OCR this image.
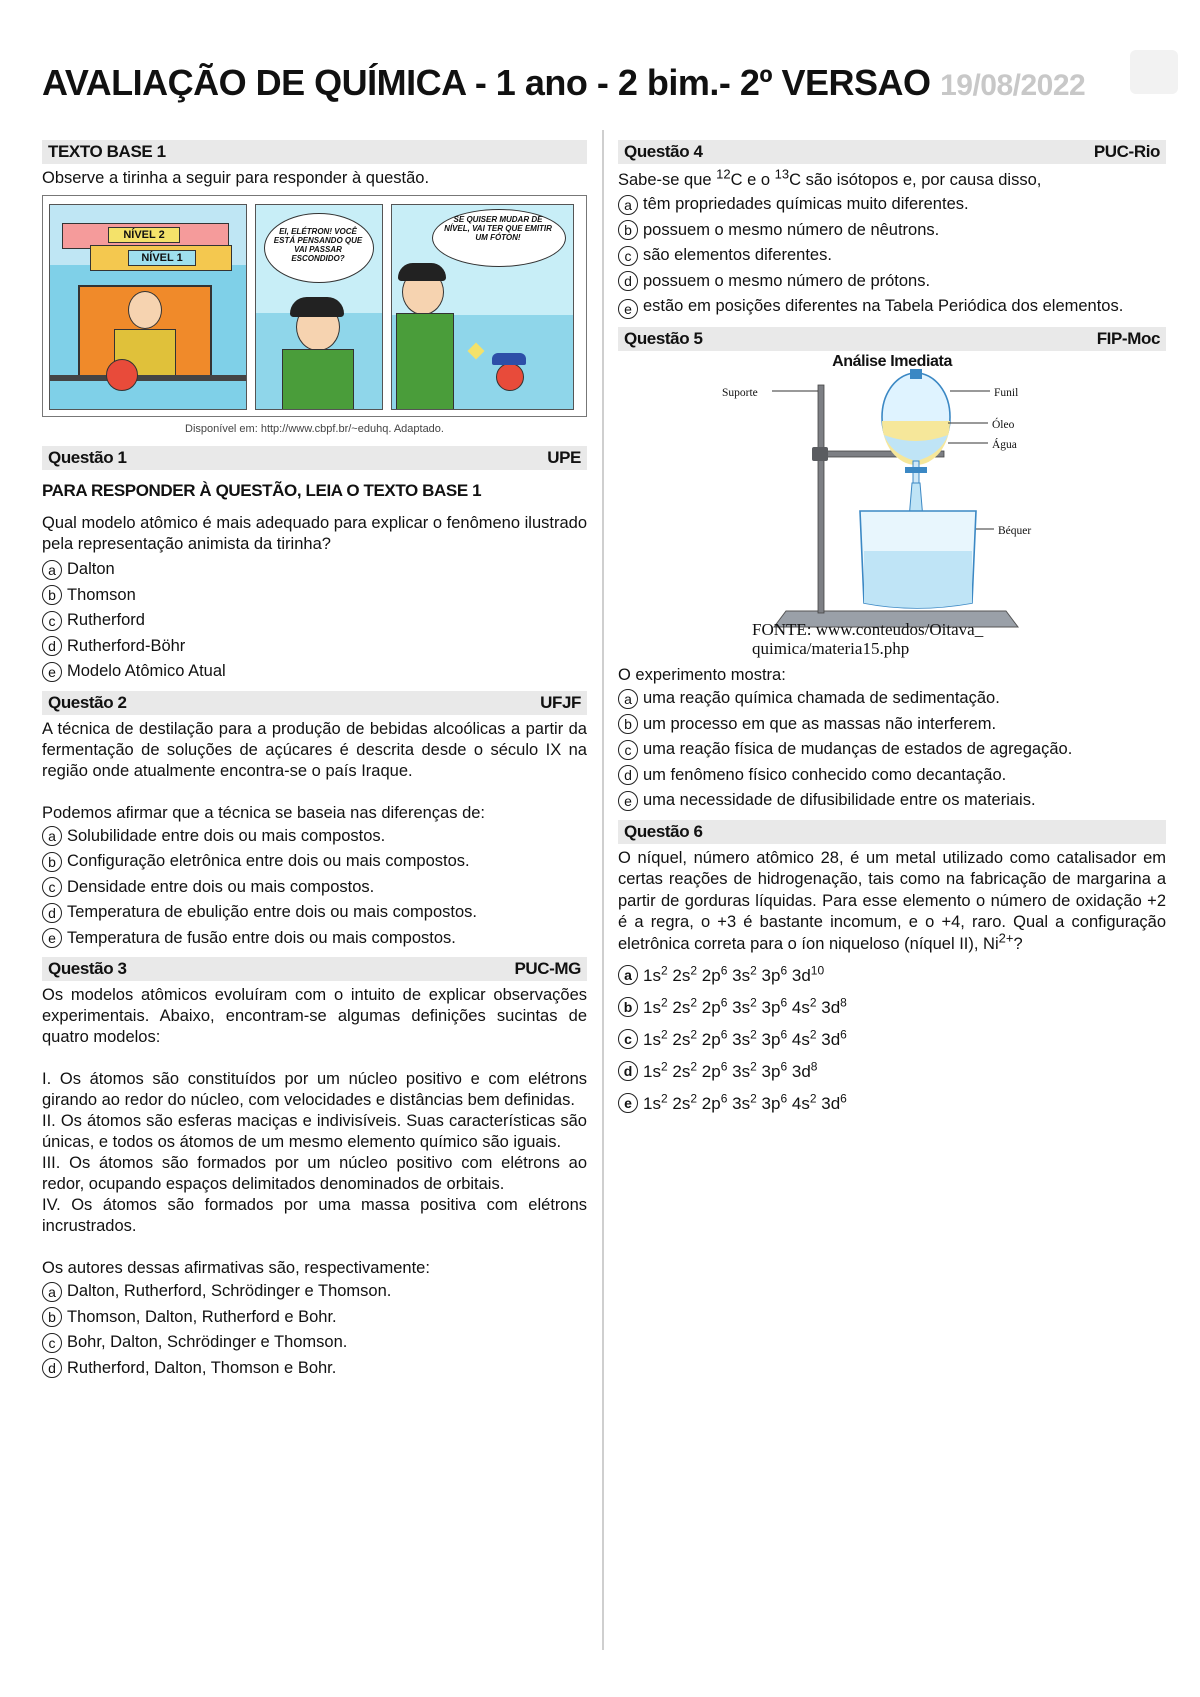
AVALIAÇÃO DE QUÍMICA - 1 ano - 2 bim.- 2º VERSAO 19/08/2022
TEXTO BASE 1

Observe a tirinha a seguir para responder à questão.

NÍVEL 2
NÍVEL 1
EI, ELÉTRON! VOCÊ ESTÁ PENSANDO QUE VAI PASSAR ESCONDIDO?
SE QUISER MUDAR DE NÍVEL, VAI TER QUE EMITIR UM FÓTON!

Disponível em: http://www.cbpf.br/~eduhq. Adaptado.

Questão 1	UPE

PARA RESPONDER À QUESTÃO, LEIA O TEXTO BASE 1

Qual modelo atômico é mais adequado para explicar o fenômeno ilustrado pela representação animista da tirinha?

a Dalton
b Thomson
c Rutherford
d Rutherford-Böhr
e Modelo Atômico Atual
Questão 2	UFJF

A técnica de destilação para a produção de bebidas alcoólicas a partir da fermentação de soluções de açúcares é descrita desde o século IX na região onde atualmente encontra-se o país Iraque.

Podemos afirmar que a técnica se baseia nas diferenças de:

a Solubilidade entre dois ou mais compostos.
b Configuração eletrônica entre dois ou mais compostos.
c Densidade entre dois ou mais compostos.
d Temperatura de ebulição entre dois ou mais compostos.
e Temperatura de fusão entre dois ou mais compostos.
Questão 3	PUC-MG

Os modelos atômicos evoluíram com o intuito de explicar observações experimentais. Abaixo, encontram-se algumas definições sucintas de quatro modelos:

I. Os átomos são constituídos por um núcleo positivo e com elétrons girando ao redor do núcleo, com velocidades e distâncias bem definidas.

II. Os átomos são esferas maciças e indivisíveis. Suas características são únicas, e todos os átomos de um mesmo elemento químico são iguais.

III. Os átomos são formados por um núcleo positivo com elétrons ao redor, ocupando espaços delimitados denominados de orbitais.

IV. Os átomos são formados por uma massa positiva com elétrons incrustrados.

Os autores dessas afirmativas são, respectivamente:

a Dalton, Rutherford, Schrödinger e Thomson.
b Thomson, Dalton, Rutherford e Bohr.
c Bohr, Dalton, Schrödinger e Thomson.
d Rutherford, Dalton, Thomson e Bohr.
Questão 4	PUC-Rio

Sabe-se que $^{12}$C e o $^{13}$C são isótopos e, por causa disso,

a têm propriedades químicas muito diferentes.
b possuem o mesmo número de nêutrons.
c são elementos diferentes.
d possuem o mesmo número de prótons.
e estão em posições diferentes na Tabela Periódica dos elementos.
Questão 5	FIP-Moc
Análise Imediata
Suporte	Funil
Óleo
Água
Béquer
FONTE: www.conteudos/Oitava_
quimica/materia15.php

O experimento mostra:

a uma reação química chamada de sedimentação.
b um processo em que as massas não interferem.
c uma reação física de mudanças de estados de agregação.
d um fenômeno físico conhecido como decantação.
e uma necessidade de difusibilidade entre os materiais.
Questão 6

O níquel, número atômico 28, é um metal utilizado como catalisador em certas reações de hidrogenação, tais como na fabricação de margarina a partir de gorduras líquidas. Para esse elemento o número de oxidação +2 é a regra, o +3 é bastante incomum, e o +4, raro. Qual a configuração eletrônica correta para o íon niqueloso (níquel II), $Ni^{2+}$?

a $1s^2$ $2s^2$ $2p^6$ $3s^2$ $3p^6$ $3d^{10}$
b $1s^2$ $2s^2$ $2p^6$ $3s^2$ $3p^6$ $4s^2$ $3d^8$
c $1s^2$ $2s^2$ $2p^6$ $3s^2$ $3p^6$ $4s^2$ $3d^6$
d $1s^2$ $2s^2$ $2p^6$ $3s^2$ $3p^6$ $3d^8$
e $1s^2$ $2s^2$ $2p^6$ $3s^2$ $3p^6$ $4s^2$ $3d^6$
